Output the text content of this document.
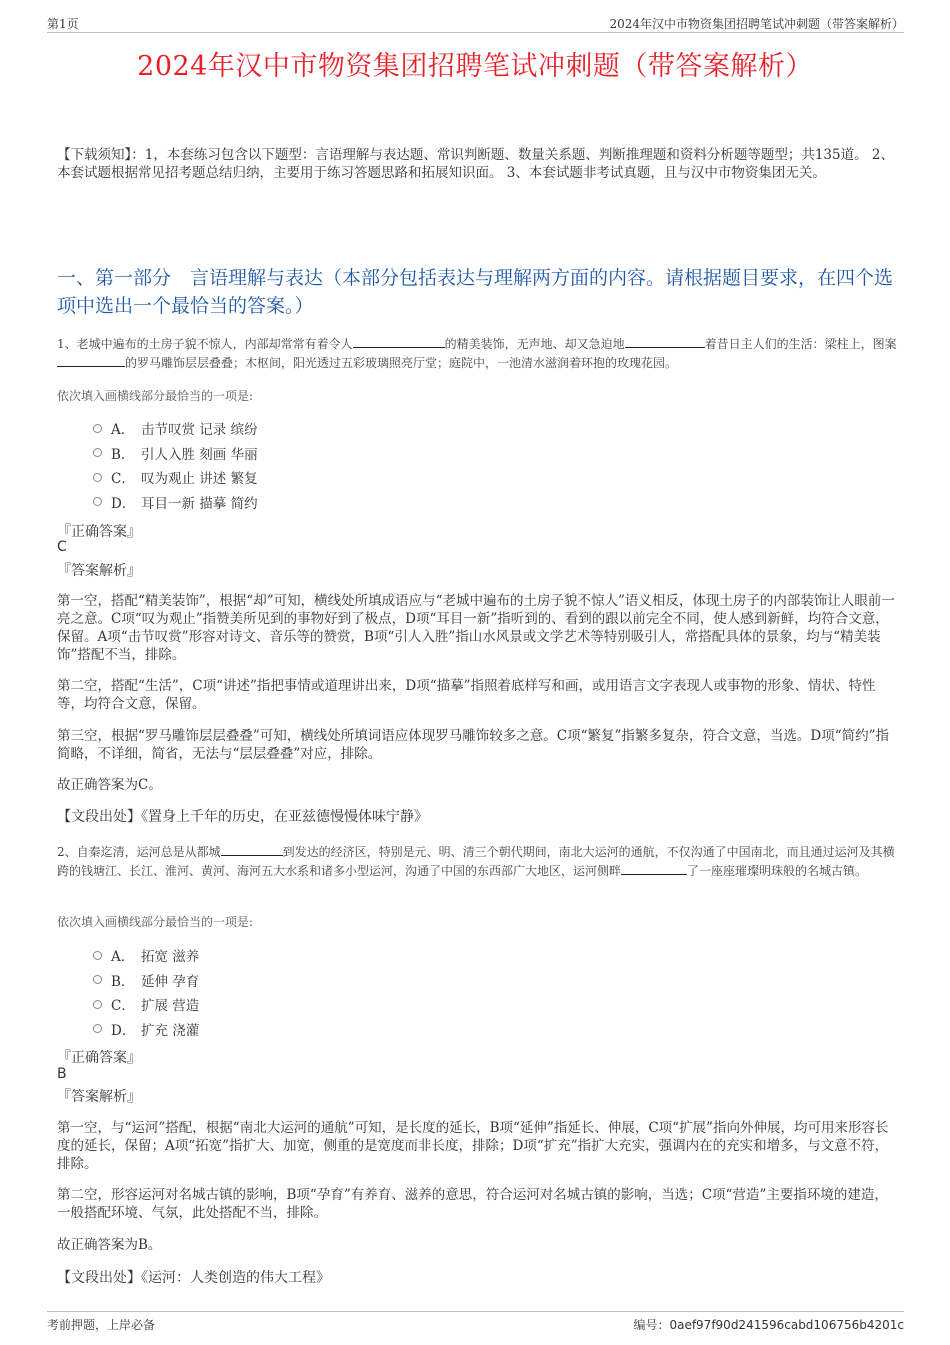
第1页	2024年汉中市物资集团招聘笔试冲刺题（带答案解析）
2024年汉中市物资集团招聘笔试冲刺题（带答案解析）
【下载须知】：1，本套练习包含以下题型：言语理解与表达题、常识判断题、数量关系题、判断推理题和资料分析题等题型；共135道。 2、本套试题根据常见招考题总结归纳，主要用于练习答题思路和拓展知识面。 3、本套试题非考试真题，且与汉中市物资集团无关。
一、第一部分　言语理解与表达（本部分包括表达与理解两方面的内容。请根据题目要求，在四个选项中选出一个最恰当的答案。）
1、老城中遍布的土房子貌不惊人，内部却常常有着令人	的精美装饰，无声地、却又急迫地	着昔日主人们的生活：梁柱上，图案的罗马雕饰层层叠叠；木枢间，阳光透过五彩玻璃照亮厅堂；庭院中，一池清水滋润着环抱的玫瑰花园。
依次填入画横线部分最恰当的一项是:
A． 击节叹赏 记录 缤纷
B． 引人入胜 刻画 华丽
C． 叹为观止 讲述 繁复
D． 耳目一新 描摹 简约
『正确答案』
C
『答案解析』
第一空，搭配“精美装饰”，根据“却”可知，横线处所填成语应与“老城中遍布的土房子貌不惊人”语义相反，体现土房子的内部装饰让人眼前一亮之意。C项“叹为观止”指赞美所见到的事物好到了极点，D项“耳目一新”指听到的、看到的跟以前完全不同，使人感到新鲜，均符合文意，保留。A项“击节叹赏”形容对诗文、音乐等的赞赏，B项“引人入胜”指山水风景或文学艺术等特别吸引人，常搭配具体的景象，均与“精美装饰”搭配不当，排除。
第二空，搭配“生活”，C项“讲述”指把事情或道理讲出来，D项“描摹”指照着底样写和画，或用语言文字表现人或事物的形象、情状、特性等，均符合文意，保留。
第三空，根据“罗马雕饰层层叠叠”可知，横线处所填词语应体现罗马雕饰较多之意。C项“繁复”指繁多复杂，符合文意，当选。D项“简约”指简略，不详细，简省，无法与“层层叠叠”对应，排除。
故正确答案为C。
【文段出处】《置身上千年的历史，在亚兹德慢慢体味宁静》
2、自秦迄清，运河总是从都城	到发达的经济区，特别是元、明、清三个朝代期间，南北大运河的通航，不仅沟通了中国南北，而且通过运河及其横跨的钱塘江、长江、淮河、黄河、海河五大水系和诸多小型运河，沟通了中国的东西部广大地区，运河侧畔	了一座座璀璨明珠般的名城古镇。
依次填入画横线部分最恰当的一项是:
A． 拓宽 滋养
B． 延伸 孕育
C． 扩展 营造
D． 扩充 浇灌
『正确答案』
B
『答案解析』
第一空，与“运河”搭配，根据“南北大运河的通航”可知，是长度的延长，B项“延伸”指延长、伸展，C项“扩展”指向外伸展，均可用来形容长度的延长，保留；A项“拓宽”指扩大、加宽，侧重的是宽度而非长度，排除；D项“扩充”指扩大充实，强调内在的充实和增多，与文意不符，排除。
第二空，形容运河对名城古镇的影响，B项“孕育”有养育、滋养的意思，符合运河对名城古镇的影响，当选；C项“营造”主要指环境的建造，一般搭配环境、气氛，此处搭配不当，排除。
故正确答案为B。
【文段出处】《运河：人类创造的伟大工程》
考前押题，上岸必备	编号：0aef97f90d241596cabd106756b4201c
